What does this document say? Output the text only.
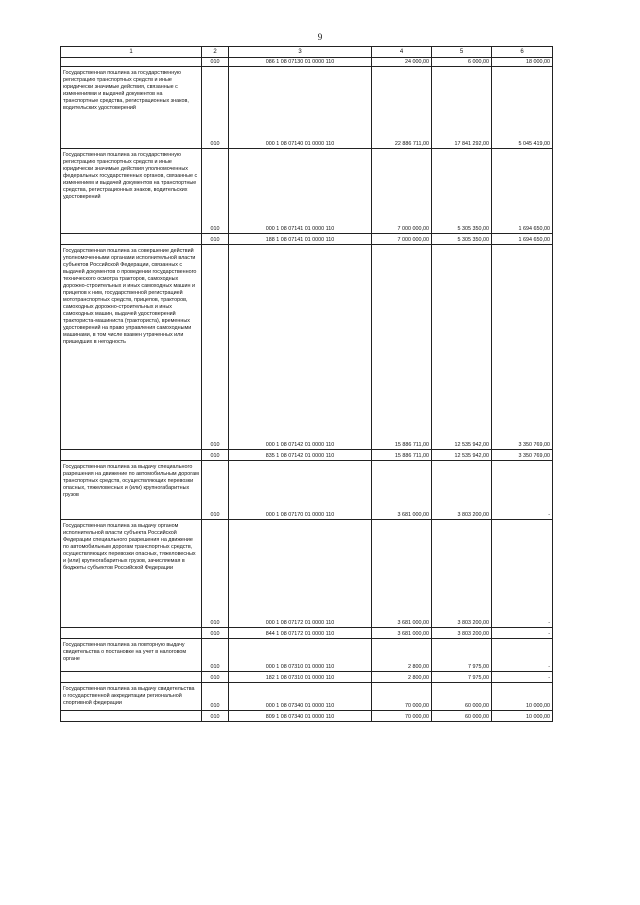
9
1	2	3	4	5	6

	010	086 1 08 07130 01 0000 110	24 000,00	6 000,00	18 000,00

Государственная пошлина за государственную регистрацию транспортных средств и иные юридически значимые действия, связанные с изменениями и выдачей документов на транспортные средства, регистрационных знаков, водительских удостоверений	010	000 1 08 07140 01 0000 110	22 886 711,00	17 841 292,00	5 045 419,00

Государственная пошлина за государственную регистрацию транспортных средств и иные юридически значимые действия уполномоченных федеральных государственных органов, связанные с изменением и выдачей документов на транспортные средства, регистрационных знаков, водительских удостоверений	010	000 1 08 07141 01 0000 110	7 000 000,00	5 305 350,00	1 694 650,00

	010	188 1 08 07141 01 0000 110	7 000 000,00	5 305 350,00	1 694 650,00

Государственная пошлина за совершение действий уполномоченными органами исполнительной власти субъектов Российской Федерации, связанных с выдачей документов о проведении государственного технического осмотра тракторов, самоходных дорожно-строительных и иных самоходных машин и прицепов к ним, государственной регистрацией мототранспортных средств, прицепов, тракторов, самоходных дорожно-строительных и иных самоходных машин, выдачей удостоверений тракториста-машиниста (тракториста), временных удостоверений на право управления самоходными машинами, в том числе взамен утраченных или пришедших в негодность	010	000 1 08 07142 01 0000 110	15 886 711,00	12 535 942,00	3 350 769,00

	010	835 1 08 07142 01 0000 110	15 886 711,00	12 535 942,00	3 350 769,00

Государственная пошлина за выдачу специального разрешения на движение по автомобильным дорогам транспортных средств, осуществляющих перевозки опасных, тяжеловесных и (или) крупногабаритных грузов	010	000 1 08 07170 01 0000 110	3 681 000,00	3 803 200,00	-

Государственная пошлина за выдачу органом исполнительной власти субъекта Российской Федерации специального разрешения на движение по автомобильным дорогам транспортных средств, осуществляющих перевозки опасных, тяжеловесных и (или) крупногабаритных грузов, зачисляемая в бюджеты субъектов Российской Федерации	010	000 1 08 07172 01 0000 110	3 681 000,00	3 803 200,00	-

	010	844 1 08 07172 01 0000 110	3 681 000,00	3 803 200,00	-

Государственная пошлина за повторную выдачу свидетельства о постановке на учет в налоговом органе	010	000 1 08 07310 01 0000 110	2 800,00	7 975,00	-

	010	182 1 08 07310 01 0000 110	2 800,00	7 975,00	-

Государственная пошлина за выдачу свидетельства о государственной аккредитации региональной спортивной федерации	010	000 1 08 07340 01 0000 110	70 000,00	60 000,00	10 000,00

	010	809 1 08 07340 01 0000 110	70 000,00	60 000,00	10 000,00
